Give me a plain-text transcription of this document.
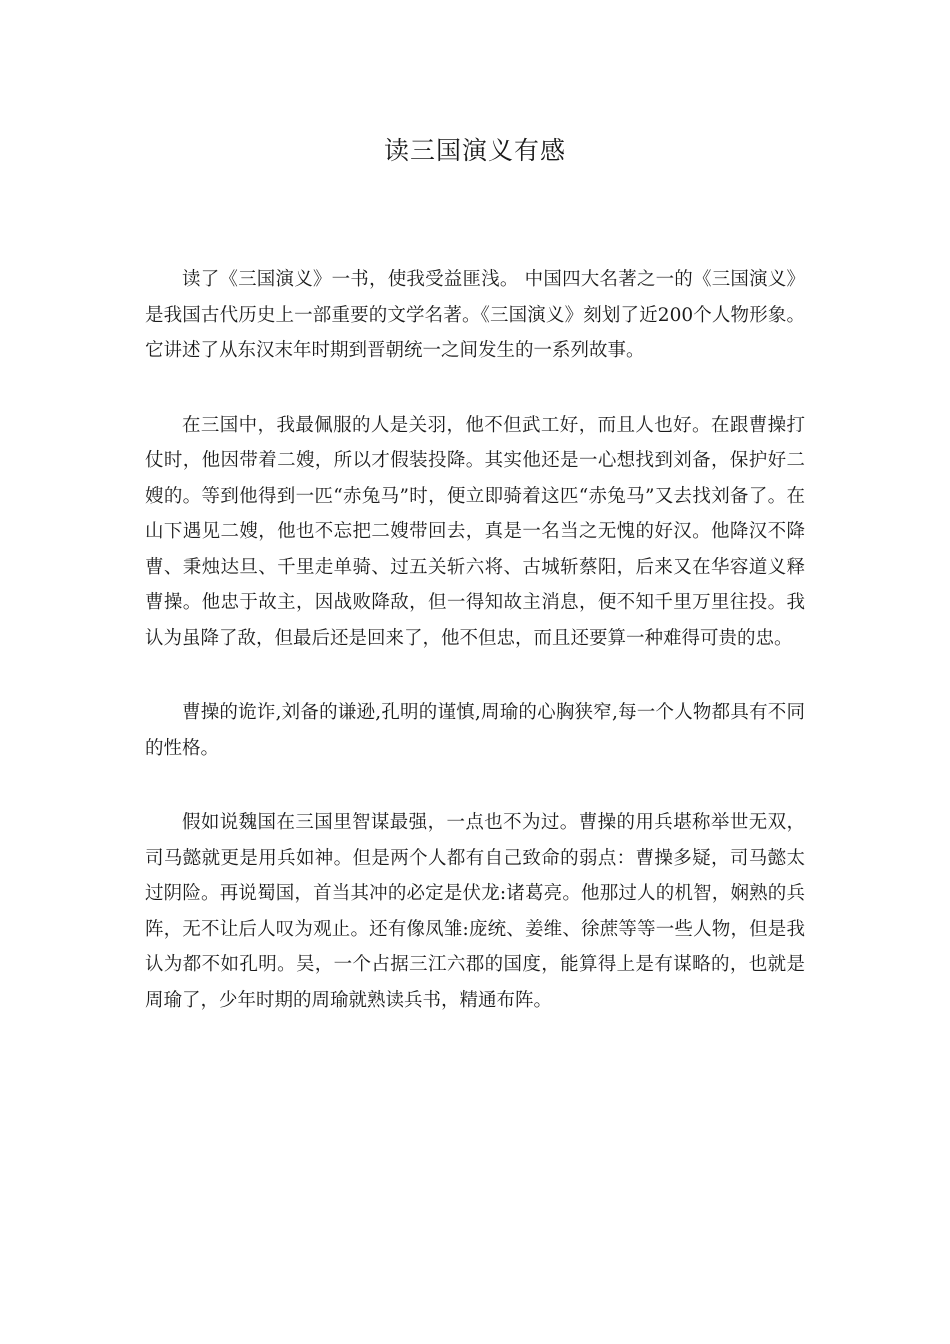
读三国演义有感

读了《三国演义》一书，使我受益匪浅。 中国四大名著之一的《三国演义》是我国古代历史上一部重要的文学名著。《三国演义》刻划了近200个人物形象。它讲述了从东汉末年时期到晋朝统一之间发生的一系列故事。

在三国中，我最佩服的人是关羽，他不但武工好，而且人也好。在跟曹操打仗时，他因带着二嫂，所以才假装投降。其实他还是一心想找到刘备，保护好二嫂的。等到他得到一匹“赤兔马”时，便立即骑着这匹“赤兔马”又去找刘备了。在山下遇见二嫂，他也不忘把二嫂带回去，真是一名当之无愧的好汉。他降汉不降曹、秉烛达旦、千里走单骑、过五关斩六将、古城斩蔡阳，后来又在华容道义释曹操。他忠于故主，因战败降敌，但一得知故主消息，便不知千里万里往投。我认为虽降了敌，但最后还是回来了，他不但忠，而且还要算一种难得可贵的忠。

曹操的诡诈,刘备的谦逊,孔明的谨慎,周瑜的心胸狭窄,每一个人物都具有不同的性格。

假如说魏国在三国里智谋最强，一点也不为过。曹操的用兵堪称举世无双，司马懿就更是用兵如神。但是两个人都有自己致命的弱点：曹操多疑，司马懿太过阴险。再说蜀国，首当其冲的必定是伏龙:诸葛亮。他那过人的机智，娴熟的兵阵，无不让后人叹为观止。还有像凤雏:庞统、姜维、徐蔗等等一些人物，但是我认为都不如孔明。吴，一个占据三江六郡的国度，能算得上是有谋略的，也就是周瑜了，少年时期的周瑜就熟读兵书，精通布阵。
